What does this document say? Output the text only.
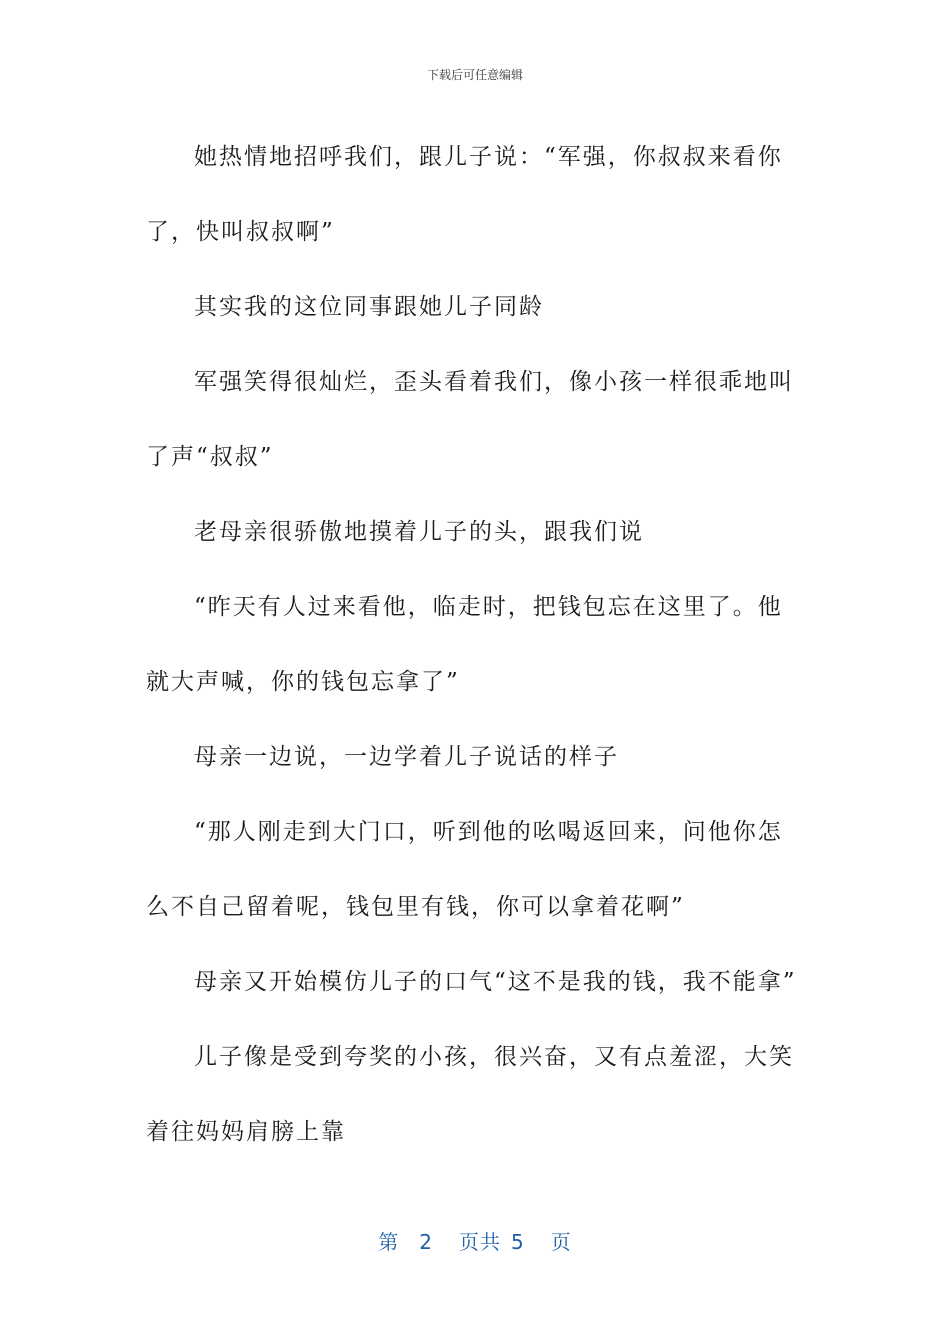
下载后可任意编辑

她热情地招呼我们，跟儿子说：“军强，你叔叔来看你了，快叫叔叔啊”

其实我的这位同事跟她儿子同龄

军强笑得很灿烂，歪头看着我们，像小孩一样很乖地叫了声“叔叔”

老母亲很骄傲地摸着儿子的头，跟我们说

“昨天有人过来看他，临走时，把钱包忘在这里了。他就大声喊，你的钱包忘拿了”

母亲一边说，一边学着儿子说话的样子

“那人刚走到大门口，听到他的吆喝返回来，问他你怎么不自己留着呢，钱包里有钱，你可以拿着花啊”

母亲又开始模仿儿子的口气“这不是我的钱，我不能拿”

儿子像是受到夸奖的小孩，很兴奋，又有点羞涩，大笑着往妈妈肩膀上靠

第 2 页共 5 页
